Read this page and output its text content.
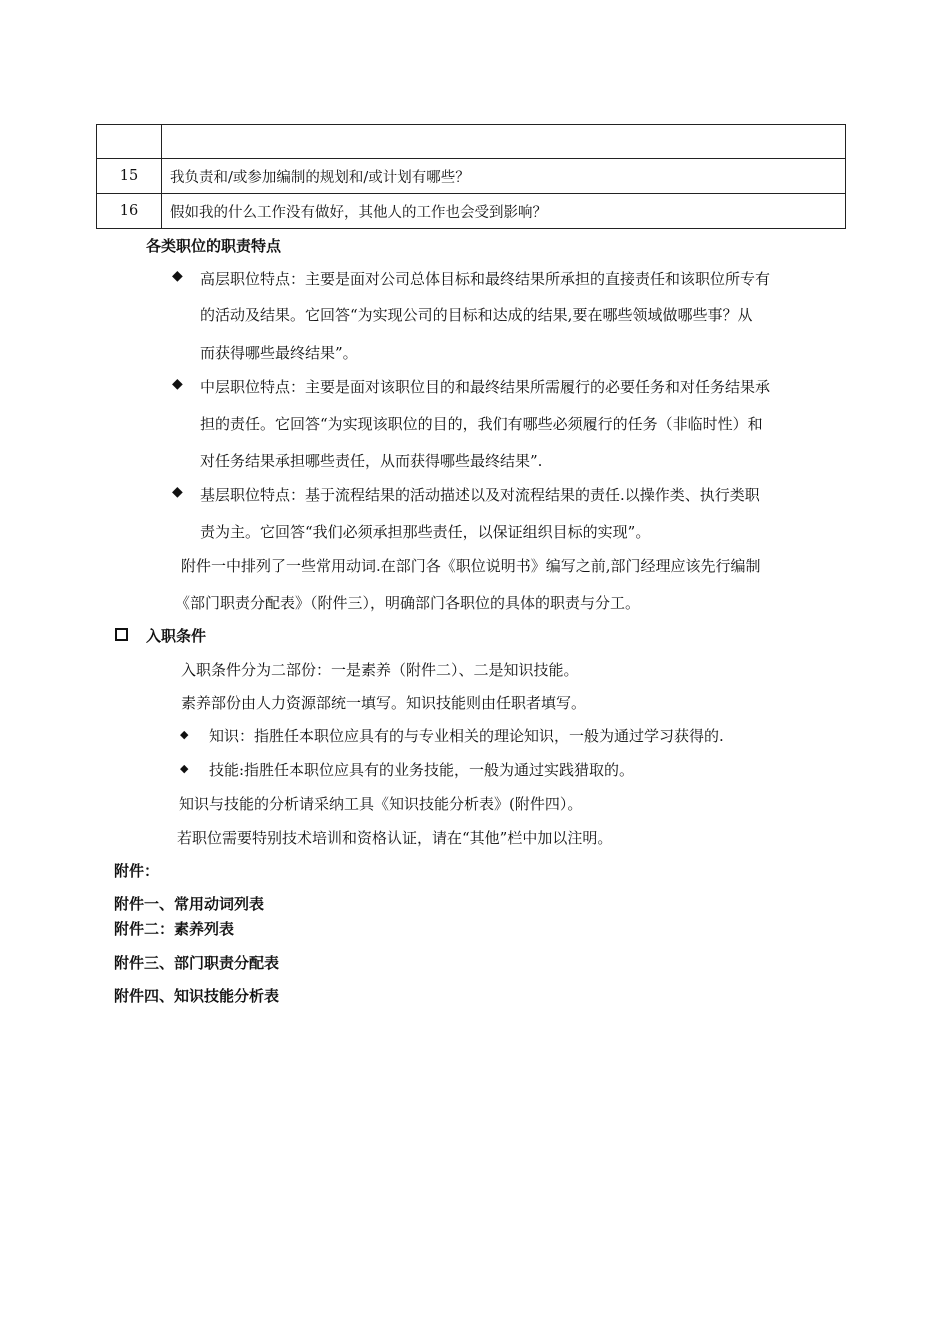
15	我负责和/或参加编制的规划和/或计划有哪些？
16	假如我的什么工作没有做好，其他人的工作也会受到影响？
各类职位的职责特点
◆ 高层职位特点：主要是面对公司总体目标和最终结果所承担的直接责任和该职位所专有
的活动及结果。它回答“为实现公司的目标和达成的结果,要在哪些领域做哪些事？从
而获得哪些最终结果”。
◆ 中层职位特点：主要是面对该职位目的和最终结果所需履行的必要任务和对任务结果承
担的责任。它回答“为实现该职位的目的，我们有哪些必须履行的任务（非临时性）和
对任务结果承担哪些责任，从而获得哪些最终结果”.
◆ 基层职位特点：基于流程结果的活动描述以及对流程结果的责任.以操作类、执行类职
责为主。它回答“我们必须承担那些责任，以保证组织目标的实现”。
附件一中排列了一些常用动词.在部门各《职位说明书》编写之前,部门经理应该先行编制
《部门职责分配表》（附件三），明确部门各职位的具体的职责与分工。
入职条件
入职条件分为二部份：一是素养（附件二）、二是知识技能。
素养部份由人力资源部统一填写。知识技能则由任职者填写。
◆ 知识：指胜任本职位应具有的与专业相关的理论知识，一般为通过学习获得的.
◆ 技能:指胜任本职位应具有的业务技能，一般为通过实践猎取的。
知识与技能的分析请采纳工具《知识技能分析表》(附件四）。
若职位需要特别技术培训和资格认证，请在“其他”栏中加以注明。
附件：
附件一、常用动词列表
附件二：素养列表
附件三、部门职责分配表
附件四、知识技能分析表
